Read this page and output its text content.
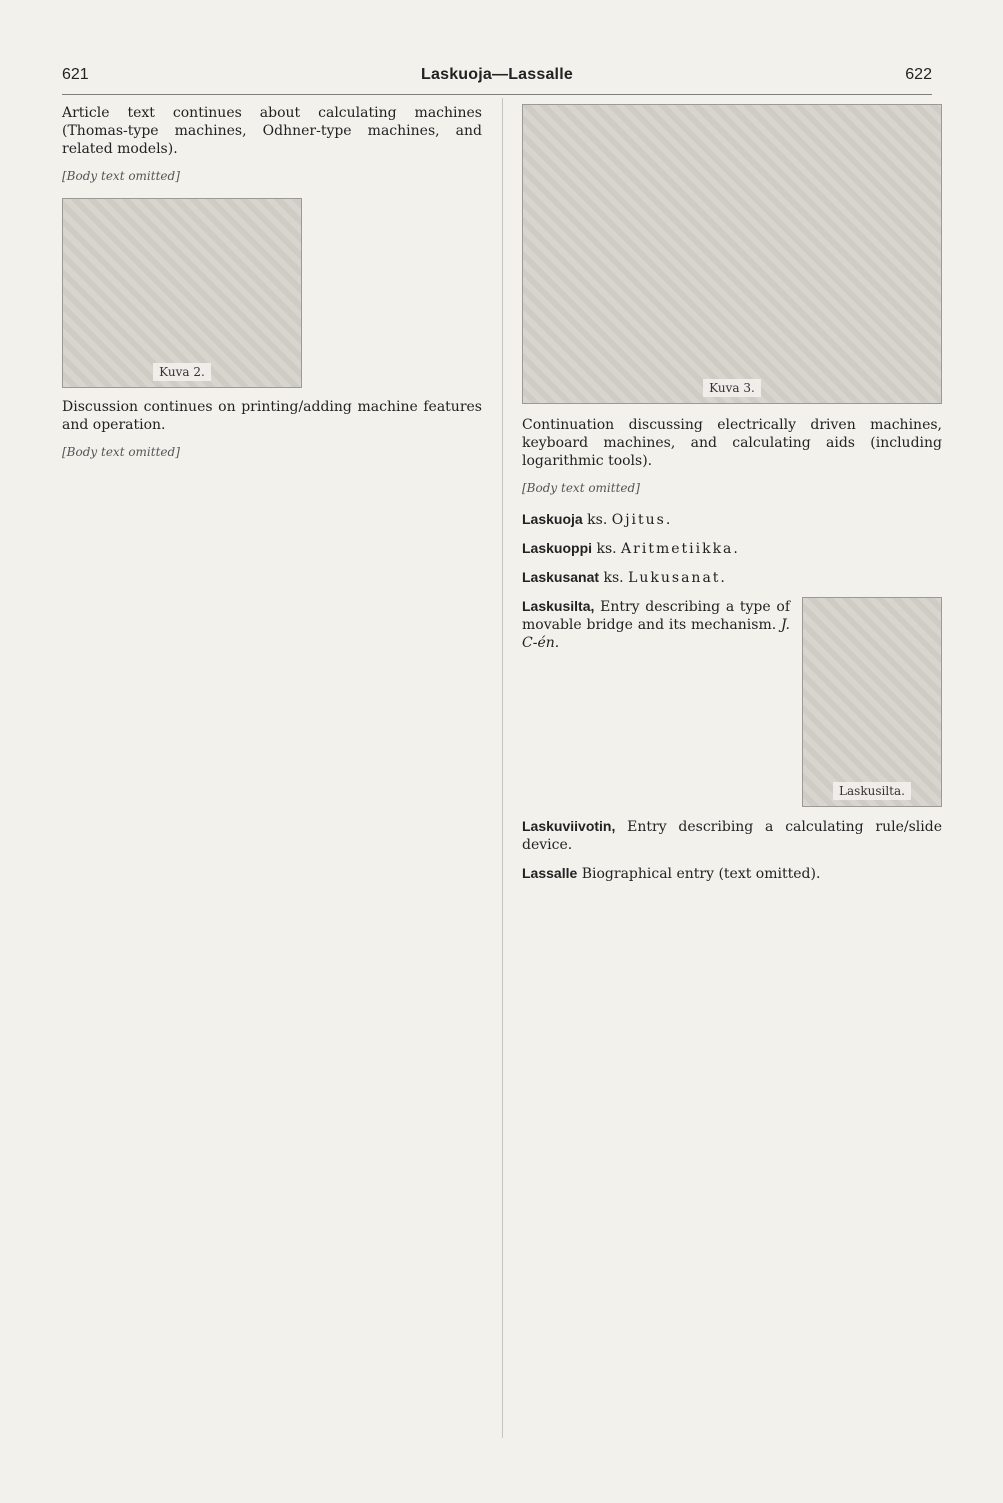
621	Laskuoja—Lassalle	622

Article text continues about calculating machines (Thomas-type machines, Odhner-type machines, and related models).

[Body text omitted]

Kuva 2.

Discussion continues on printing/adding machine features and operation.

[Body text omitted]

Kuva 3.

Continuation discussing electrically driven machines, keyboard machines, and calculating aids (including logarithmic tools).

[Body text omitted]

Laskuoja ks. Ojitus.
Laskuoppi ks. Aritmetiikka.
Laskusanat ks. Lukusanat.
Laskusilta, Entry describing a type of movable bridge and its mechanism. J. C-én.
Laskusilta.
Laskuviivotin, Entry describing a calculating rule/slide device.
Lassalle Biographical entry (text omitted).
